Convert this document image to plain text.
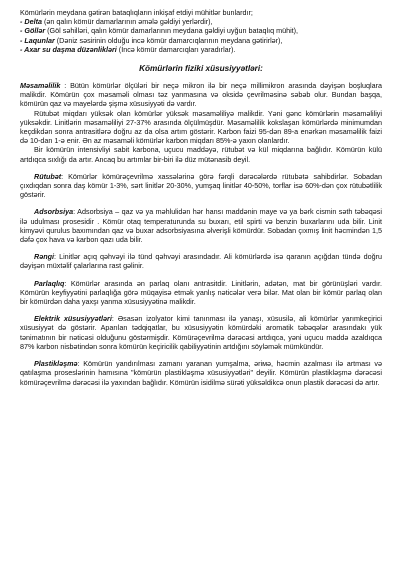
Kömürlərin meydana gətirən bataqlıqların inkişaf etdiyi mühitlər bunlardır;

- Delta (ən qalın kömür damarlarının əmələ gəldiyi yerlərdir),

- Göllər (Göl səhilləri, qalın kömür damarlarının meydana gəldiyi uyğun bataqlıq mühit),

- Laqunlar (Dəniz səsirinin olduğu incə kömür damarcıqlarının meydana gətirirlər),

- Axar su daşma düzənlikləri (İncə kömür damarcıqları yaradırlar).

Kömürlərin fiziki xüsusiyyətləri:

Məsaməlilik : Bütün kömürlər ölçüləri bir neçə mikron ilə bir neçə millimikron arasında dəyişən boşluqlara malikdir. Kömürün çox məsaməli olması təz yanmasına və oksidə çevrilməsinə səbəb olur. Bundan başqa, kömürün qaz və mayelərdə şişmə xüsusiyyəti də vardır.

Rütubət miqdarı yüksək olan kömürlər yüksək məsaməliliyə malikdir. Yəni gənc kömürlərin məsaməliliyi yüksəkdir. Linitlərin məsaməliliyi 27-37% arasında ölçülmüşdür. Məsaməlilik kokslaşan kömürlərdə minimumdan keçdikdən sonra antrasitlərə doğru az da olsa artım göstərir. Karbon faizi 95-dən 89-a enərkən məsaməlilik faizi də 10-dan 1-ə enir. Ən az məsaməli kömürlər karbon miqdarı 85%-ə yaxın olanlardır.

Bir kömürün intensivliyi sabit karbona, uçucu maddəyə, rütubət və kül miqdarına bağlıdır. Kömürün külü artdıqca sıxlığı da artır. Ancaq bu artımlar bir-biri ilə düz mütənasib deyil.

Rütubət: Kömürlər kömürəçevrilmə xassələrinə görə fərqli dərəcələrdə rütubətə sahibdirlər. Sobadan çıxdıqdan sonra daş kömür 1-3%, sərt linitlər 20-30%, yumşaq linitlər 40-50%, torflar isə 60%-dən çox rütubətlilik göstərir.

Adsorbsiya: Adsorbsiya – qaz və ya məhlulidən hər hansı maddənin maye və ya bərk cismin səth təbəqəsi ilə udulması prosesidir . Kömür otaq temperaturunda su buxarı, etil spirti və benzin buxarlarını uda bilir. Linit kimyəvi qurulus baxımından qaz və buxar adsorbsiyasına əlverişli kömürdür. Sobadan çıxmış linit həcmindən 1,5 dəfə çox hava və karbon qazı uda bilir.

Rəngi: Linitlər açıq qəhvəyi ilə tünd qəhvəyi arasındadır. Ali kömürlərdə isə qaranın açığdan tündə doğru dəyişən müxtəlif çalarlarına rast gəlinir.

Parlaqlıq: Kömürlər arasında ən parlaq olanı antrasitdir. Linitlərin, adətən, mat bir görünüşləri vardır. Kömürün keyfiyyətini parlaqlığa görə müqayisə etmək yanlış nəticələr verə bilər. Mat olan bir kömür parlaq olan bir kömürdən daha yaxşı yanma xüsusiyyətinə malikdir.

Elektrik xüsusiyyətləri: Əsasən izolyator kimi tanınması ilə yanaşı, xüsusilə, ali kömürlər yarımkeçirici xüsusiyyət də göstərir. Aparılan tədqiqatlar, bu xüsusiyyətin kömürdəki aromatik təbəqələr arasındakı yük tənimatının bir nəticəsi olduğunu göstərmişdir. Kömürəçevrilmə dərəcəsi artdıqca, yəni uçucu maddə azaldıqca 87% karbon nisbətindən sonra kömürün keçiricilik qabiliyyətinin artdığını söyləmək mümkündür.

Plastikləşmə: Kömürün yandırılması zamanı yaranan yumşalma, əriмə, həcmin azalması ilə artması və qatılaşma proseslərinin hamısına "kömürün plastikləşmə xüsusiyyətləri" deyilir. Kömürün plastikləşmə dərəcəsi kömürəçevrilmə dərəcəsi ilə yaxından bağlıdır. Kömürün isidilmə sürəti yüksəldikcə onun plastik dərəcəsi də artır.
